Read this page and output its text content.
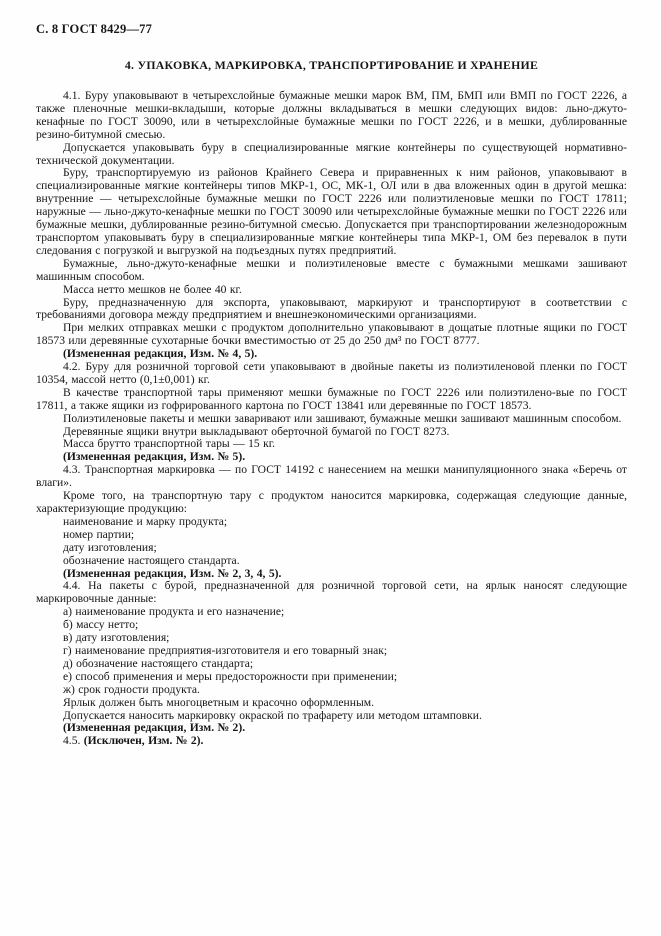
С. 8 ГОСТ 8429—77
4. УПАКОВКА, МАРКИРОВКА, ТРАНСПОРТИРОВАНИЕ И ХРАНЕНИЕ

4.1. Буру упаковывают в четырехслойные бумажные мешки марок ВМ, ПМ, БМП или ВМП по ГОСТ 2226, а также пленочные мешки-вкладыши, которые должны вкладываться в мешки следующих видов: льно-джуто-кенафные по ГОСТ 30090, или в четырехслойные бумажные мешки по ГОСТ 2226, и в мешки, дублированные резино-битумной смесью.

Допускается упаковывать буру в специализированные мягкие контейнеры по существующей нормативно-технической документации.

Буру, транспортируемую из районов Крайнего Севера и приравненных к ним районов, упаковывают в специализированные мягкие контейнеры типов МКР-1, ОС, МК-1, ОЛ или в два вложенных один в другой мешка: внутренние — четырехслойные бумажные мешки по ГОСТ 2226 или полиэтиленовые мешки по ГОСТ 17811; наружные — льно-джуто-кенафные мешки по ГОСТ 30090 или четырехслойные бумажные мешки по ГОСТ 2226 или бумажные мешки, дублированные резино-битумной смесью. Допускается при транспортировании железнодорожным транспортом упаковывать буру в специализированные мягкие контейнеры типа МКР-1, ОМ без перевалок в пути следования с погрузкой и выгрузкой на подъездных путях предприятий.

Бумажные, льно-джуто-кенафные мешки и полиэтиленовые вместе с бумажными мешками зашивают машинным способом.

Масса нетто мешков не более 40 кг.

Буру, предназначенную для экспорта, упаковывают, маркируют и транспортируют в соответствии с требованиями договора между предприятием и внешнеэкономическими организациями.

При мелких отправках мешки с продуктом дополнительно упаковывают в дощатые плотные ящики по ГОСТ 18573 или деревянные сухотарные бочки вместимостью от 25 до 250 дм³ по ГОСТ 8777.

(Измененная редакция, Изм. № 4, 5).

4.2. Буру для розничной торговой сети упаковывают в двойные пакеты из полиэтиленовой пленки по ГОСТ 10354, массой нетто (0,1±0,001) кг.

В качестве транспортной тары применяют мешки бумажные по ГОСТ 2226 или полиэтилено-вые по ГОСТ 17811, а также ящики из гофрированного картона по ГОСТ 13841 или деревянные по ГОСТ 18573.

Полиэтиленовые пакеты и мешки заваривают или зашивают, бумажные мешки зашивают машинным способом.

Деревянные ящики внутри выкладывают оберточной бумагой по ГОСТ 8273.

Масса брутто транспортной тары — 15 кг.

(Измененная редакция, Изм. № 5).

4.3. Транспортная маркировка — по ГОСТ 14192 с нанесением на мешки манипуляционного знака «Беречь от влаги».

Кроме того, на транспортную тару с продуктом наносится маркировка, содержащая следующие данные, характеризующие продукцию:

наименование и марку продукта;

номер партии;

дату изготовления;

обозначение настоящего стандарта.

(Измененная редакция, Изм. № 2, 3, 4, 5).

4.4. На пакеты с бурой, предназначенной для розничной торговой сети, на ярлык наносят следующие маркировочные данные:

а) наименование продукта и его назначение;

б) массу нетто;

в) дату изготовления;

г) наименование предприятия-изготовителя и его товарный знак;

д) обозначение настоящего стандарта;

е) способ применения и меры предосторожности при применении;

ж) срок годности продукта.

Ярлык должен быть многоцветным и красочно оформленным.

Допускается наносить маркировку окраской по трафарету или методом штамповки.

(Измененная редакция, Изм. № 2).

4.5. (Исключен, Изм. № 2).
